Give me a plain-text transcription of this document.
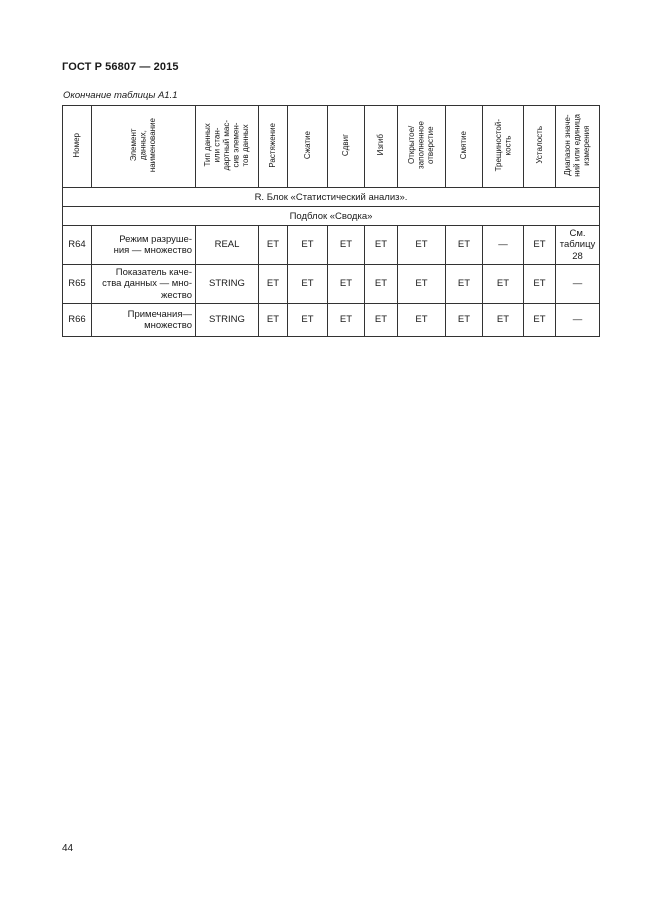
ГОСТ Р 56807 — 2015
Окончание таблицы А1.1
Номер	Элемент
данных,
наименование	Тип данных
или стан-
дартный мас-
сив элемен-
тов данных	Растяжение	Сжатие	Сдвиг	Изгиб	Открытое/
заполненное
отверстие	Смятие	Трещиностой-
кость	Усталость	Диапазон значе-
ний или единица
измерения
R. Блок «Статистический анализ».											
Подблок «Сводка»											
R64	Режим разруше-
ния — множество	REAL	ET	ET	ET	ET	ET	ET	—	ET	См.
таблицу
28
R65	Показатель каче-
ства данных — мно-
жество	STRING	ET	ET	ET	ET	ET	ET	ET	ET	—
R66	Примечания—
множество	STRING	ET	ET	ET	ET	ET	ET	ET	ET	—
44
